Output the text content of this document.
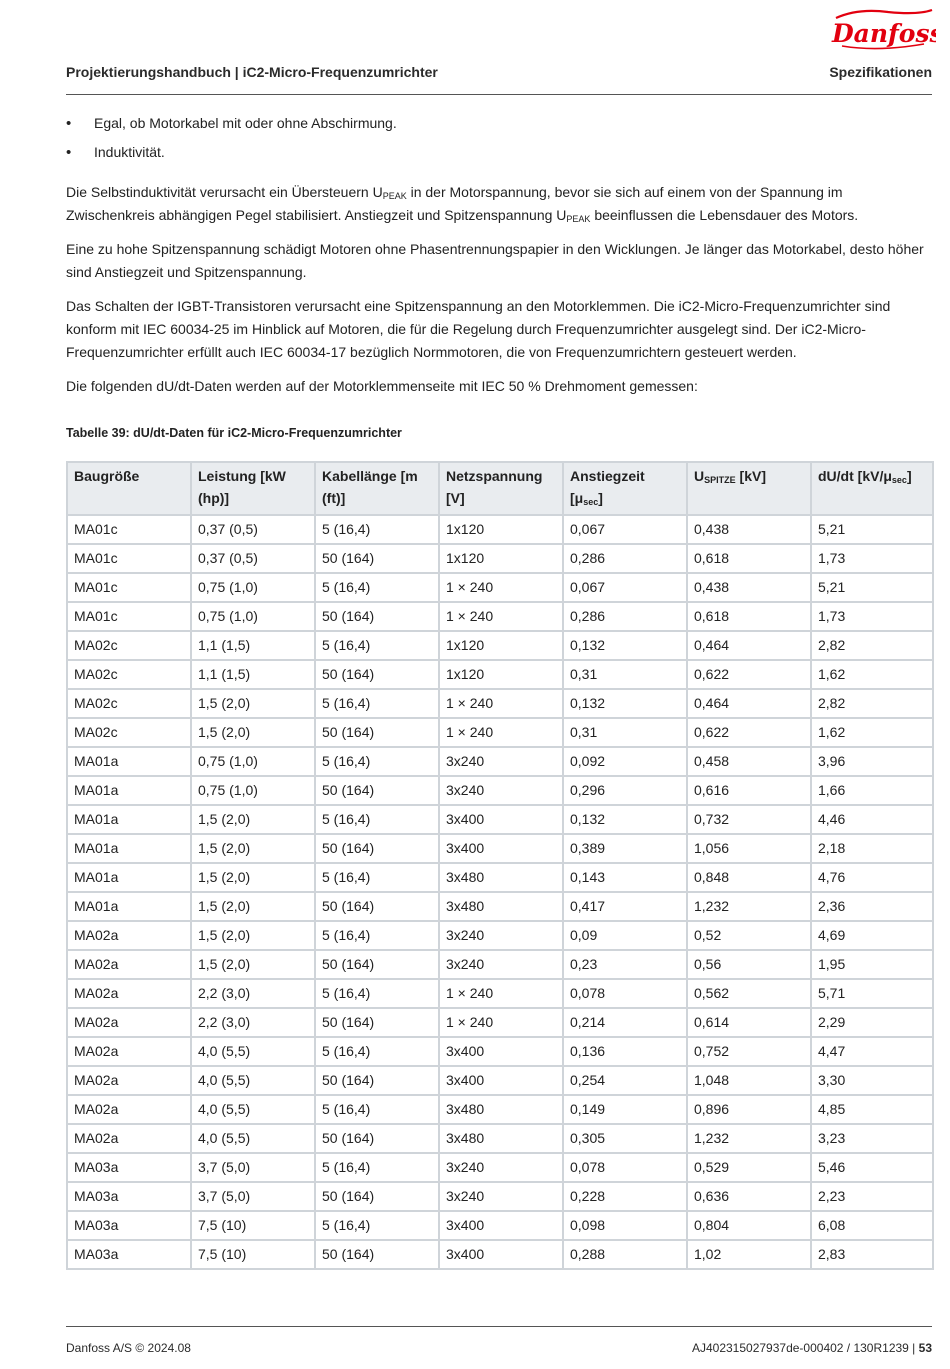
Danfoss
Projektierungshandbuch | iC2-Micro-Frequenzumrichter	Spezifikationen
• Egal, ob Motorkabel mit oder ohne Abschirmung.
• Induktivität.

Die Selbstinduktivität verursacht ein Übersteuern $U_{PEAK}$ in der Motorspannung, bevor sie sich auf einem von der Spannung im Zwischenkreis abhängigen Pegel stabilisiert. Anstiegzeit und Spitzenspannung $U_{PEAK}$ beeinflussen die Lebensdauer des Motors.

Eine zu hohe Spitzenspannung schädigt Motoren ohne Phasentrennungspapier in den Wicklungen. Je länger das Motorkabel, desto höher sind Anstiegzeit und Spitzenspannung.

Das Schalten der IGBT-Transistoren verursacht eine Spitzenspannung an den Motorklemmen. Die iC2-Micro-Frequenzumrichter sind konform mit IEC 60034-25 im Hinblick auf Motoren, die für die Regelung durch Frequenzumrichter ausgelegt sind. Der iC2-Micro-Frequenzumrichter erfüllt auch IEC 60034-17 bezüglich Normmotoren, die von Frequenzumrichtern gesteuert werden.

Die folgenden dU/dt-Daten werden auf der Motorklemmenseite mit IEC 50 % Drehmoment gemessen:

Tabelle 39: dU/dt-Daten für iC2-Micro-Frequenzumrichter
Baugröße	Leistung [kW (hp)]	Kabellänge [m (ft)]	Netzspannung [V]	Anstiegzeit $[\mu_{sec}]$	$U_{SPITZE}$ [kV]	dU/dt $[kV/\mu_{sec}]$
MA01c	0,37 (0,5)	5 (16,4)	1x120	0,067	0,438	5,21
MA01c	0,37 (0,5)	50 (164)	1x120	0,286	0,618	1,73
MA01c	0,75 (1,0)	5 (16,4)	1 × 240	0,067	0,438	5,21
MA01c	0,75 (1,0)	50 (164)	1 × 240	0,286	0,618	1,73
MA02c	1,1 (1,5)	5 (16,4)	1x120	0,132	0,464	2,82
MA02c	1,1 (1,5)	50 (164)	1x120	0,31	0,622	1,62
MA02c	1,5 (2,0)	5 (16,4)	1 × 240	0,132	0,464	2,82
MA02c	1,5 (2,0)	50 (164)	1 × 240	0,31	0,622	1,62
MA01a	0,75 (1,0)	5 (16,4)	3x240	0,092	0,458	3,96
MA01a	0,75 (1,0)	50 (164)	3x240	0,296	0,616	1,66
MA01a	1,5 (2,0)	5 (16,4)	3x400	0,132	0,732	4,46
MA01a	1,5 (2,0)	50 (164)	3x400	0,389	1,056	2,18
MA01a	1,5 (2,0)	5 (16,4)	3x480	0,143	0,848	4,76
MA01a	1,5 (2,0)	50 (164)	3x480	0,417	1,232	2,36
MA02a	1,5 (2,0)	5 (16,4)	3x240	0,09	0,52	4,69
MA02a	1,5 (2,0)	50 (164)	3x240	0,23	0,56	1,95
MA02a	2,2 (3,0)	5 (16,4)	1 × 240	0,078	0,562	5,71
MA02a	2,2 (3,0)	50 (164)	1 × 240	0,214	0,614	2,29
MA02a	4,0 (5,5)	5 (16,4)	3x400	0,136	0,752	4,47
MA02a	4,0 (5,5)	50 (164)	3x400	0,254	1,048	3,30
MA02a	4,0 (5,5)	5 (16,4)	3x480	0,149	0,896	4,85
MA02a	4,0 (5,5)	50 (164)	3x480	0,305	1,232	3,23
MA03a	3,7 (5,0)	5 (16,4)	3x240	0,078	0,529	5,46
MA03a	3,7 (5,0)	50 (164)	3x240	0,228	0,636	2,23
MA03a	7,5 (10)	5 (16,4)	3x400	0,098	0,804	6,08
MA03a	7,5 (10)	50 (164)	3x400	0,288	1,02	2,83
Danfoss A/S © 2024.08	AJ402315027937de-000402 / 130R1239 | 53
